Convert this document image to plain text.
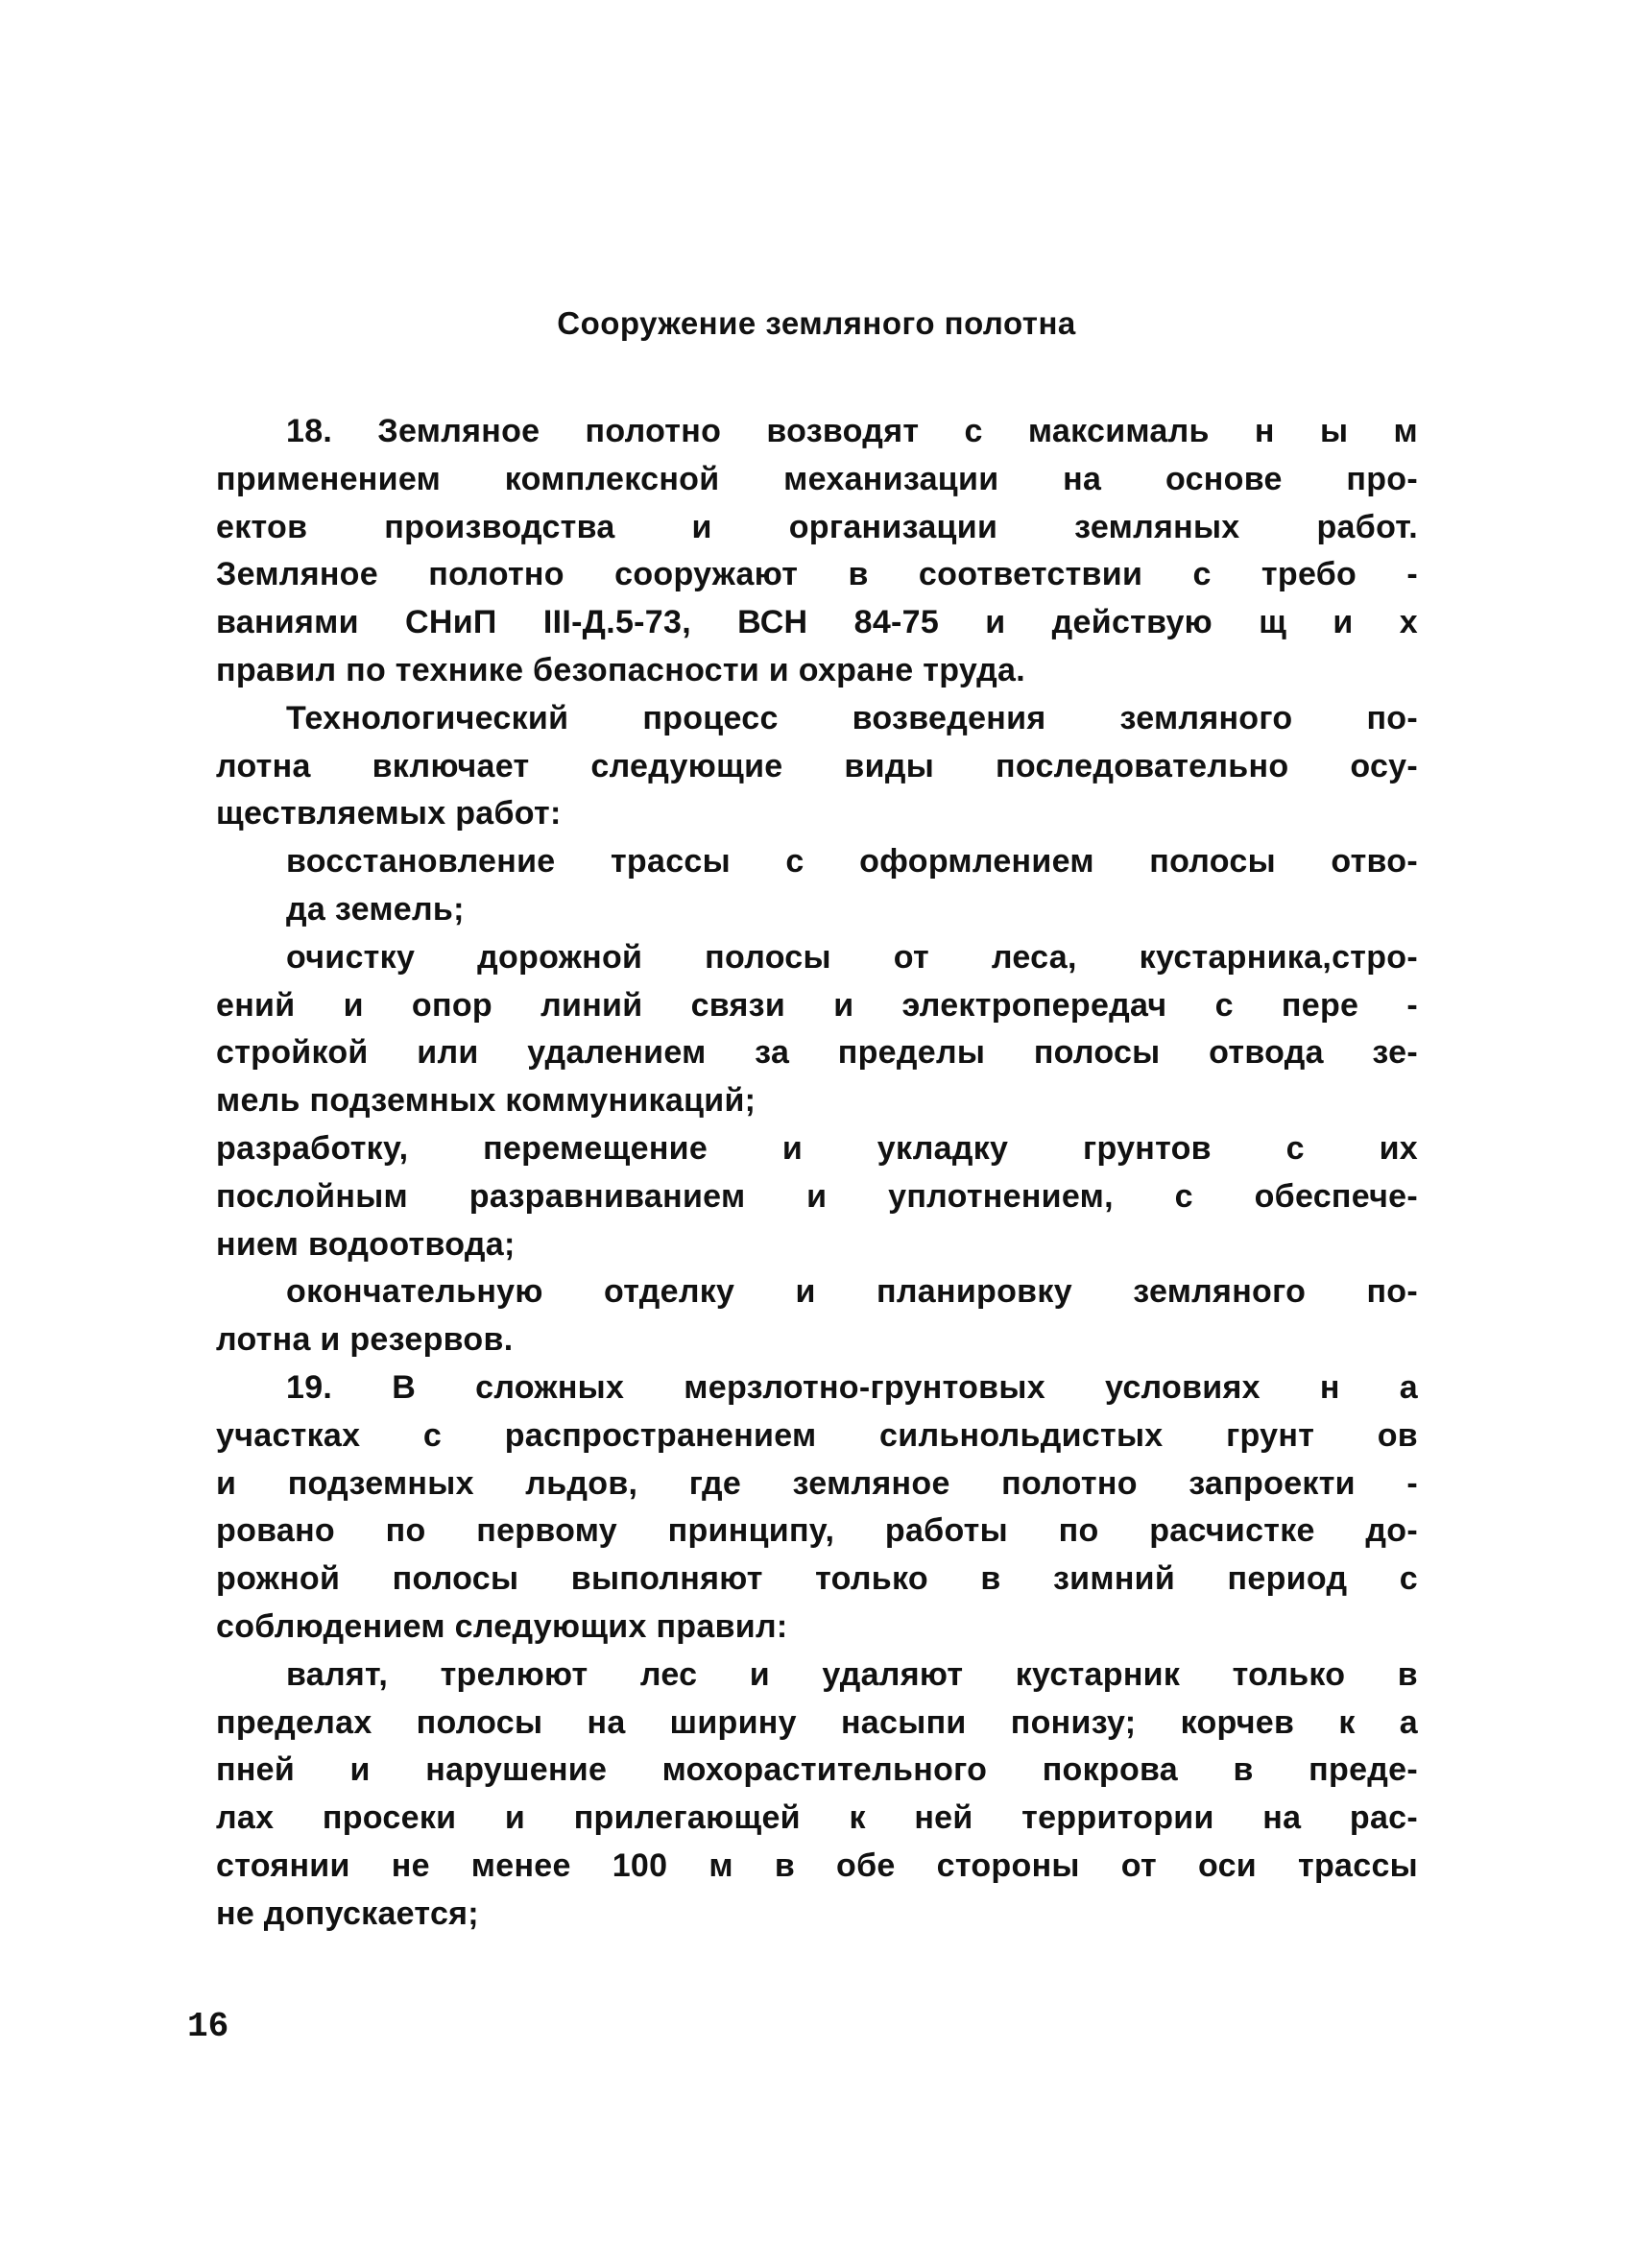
Сооружение земляного полотна
18. Земляное полотно возводят с максималь н ы м
применением комплексной механизации на основе про-
ектов производства и организации земляных работ.
Земляное полотно сооружают в соответствии с требо -
ваниями СНиП III-Д.5-73, ВСН 84-75 и действую щ и х
правил по технике безопасности и охране труда.
Технологический процесс возведения земляного по-
лотна включает следующие виды последовательно осу-
ществляемых работ:
восстановление трассы с оформлением полосы отво-
да земель;
очистку дорожной полосы от леса, кустарника,стро-
ений и опор линий связи и электропередач с пере -
стройкой или удалением за пределы полосы отвода зе-
мель подземных коммуникаций;
разработку, перемещение и укладку грунтов с их
послойным разравниванием и уплотнением, с обеспече-
нием водоотвода;
окончательную отделку и планировку земляного по-
лотна и резервов.
19. В сложных мерзлотно-грунтовых условиях н а
участках с распространением сильнольдистых грунт ов
и подземных льдов, где земляное полотно запроекти -
ровано по первому принципу, работы по расчистке до-
рожной полосы выполняют только в зимний период с
соблюдением следующих правил:
валят, трелюют лес и удаляют кустарник только в
пределах полосы на ширину насыпи понизу; корчев к а
пней и нарушение мохорастительного покрова в преде-
лах просеки и прилегающей к ней территории на рас-
стоянии не менее 100 м в обе стороны от оси трассы
не допускается;
16
